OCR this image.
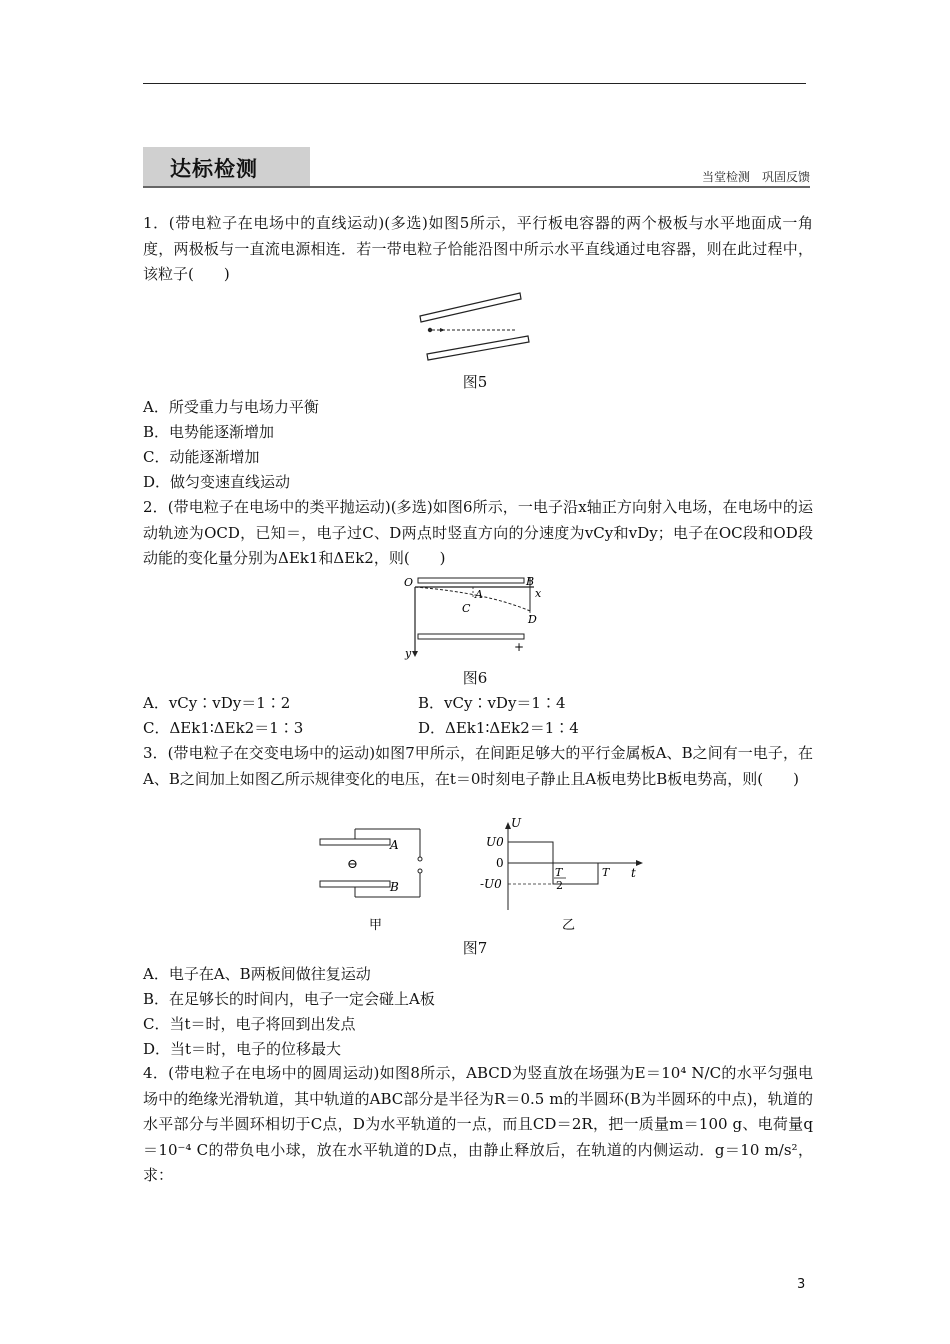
达标检测	当堂检测　巩固反馈
1．(带电粒子在电场中的直线运动)(多选)如图5所示，平行板电容器的两个极板与水平地面成一角度，两极板与一直流电源相连．若一带电粒子恰能沿图中所示水平直线通过电容器，则在此过程中，该粒子(　　)
图5
A．所受重力与电场力平衡
B．电势能逐渐增加
C．动能逐渐增加
D．做匀变速直线运动
2．(带电粒子在电场中的类平抛运动)(多选)如图6所示，一电子沿x轴正方向射入电场，在电场中的运动轨迹为OCD，已知＝，电子过C、D两点时竖直方向的分速度为vCy和vDy；电子在OC段和OD段动能的变化量分别为ΔEk1和ΔEk2，则(　　)
O	B
x
A
C
D
y	+
图6
A．vCy∶vDy＝1∶2	B．vCy∶vDy＝1∶4
C．ΔEk1∶ΔEk2＝1∶3	D．ΔEk1∶ΔEk2＝1∶4
3．(带电粒子在交变电场中的运动)如图7甲所示，在间距足够大的平行金属板A、B之间有一电子，在A、B之间加上如图乙所示规律变化的电压，在t＝0时刻电子静止且A板电势比B板电势高，则(　　)
A
B
⊖
甲
U
U0
0
-U0
T
2
T t
乙
图7
A．电子在A、B两板间做往复运动
B．在足够长的时间内，电子一定会碰上A板
C．当t＝时，电子将回到出发点
D．当t＝时，电子的位移最大
4．(带电粒子在电场中的圆周运动)如图8所示，ABCD为竖直放在场强为E＝10⁴ N/C的水平匀强电场中的绝缘光滑轨道，其中轨道的ABC部分是半径为R＝0.5 m的半圆环(B为半圆环的中点)，轨道的水平部分与半圆环相切于C点，D为水平轨道的一点，而且CD＝2R，把一质量m＝100 g、电荷量q＝10⁻⁴ C的带负电小球，放在水平轨道的D点，由静止释放后，在轨道的内侧运动．g＝10 m/s²，求：
3
